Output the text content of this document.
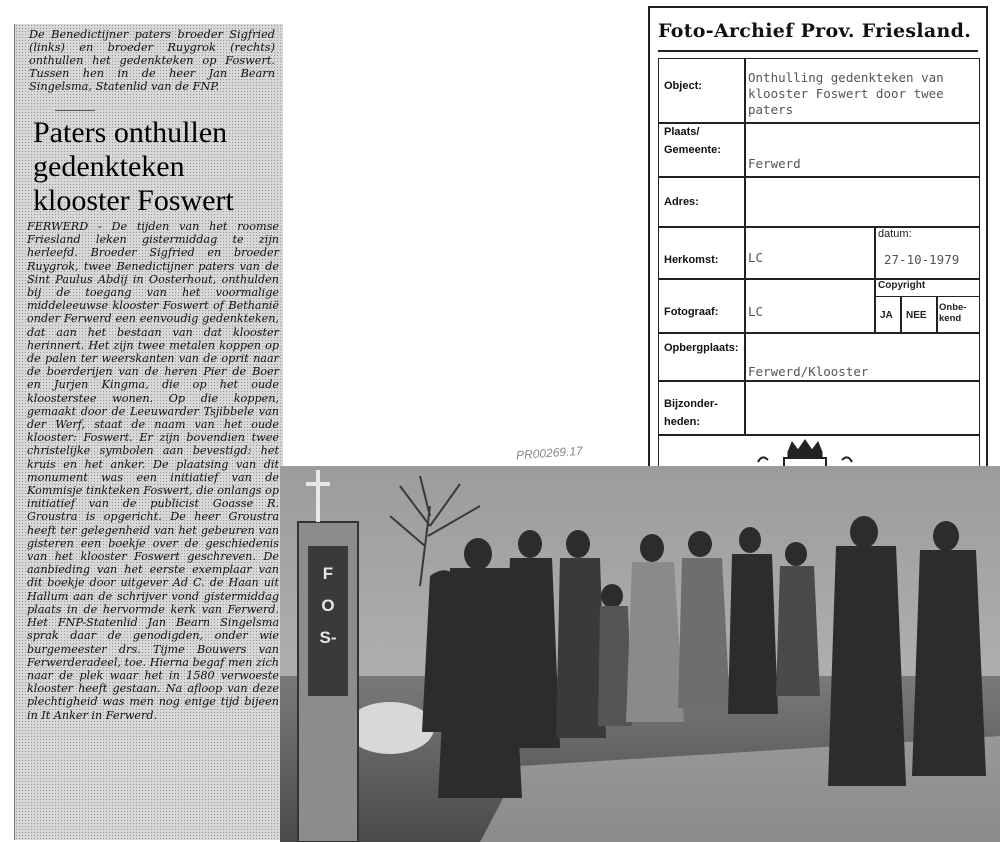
De Benedictijner paters broeder Sigfried (links) en broeder Ruygrok (rechts) onthullen het gedenkteken op Foswert. Tussen hen in de heer Jan Bearn Singelsma, Statenlid van de FNP.
Paters onthullen
gedenkteken
klooster Foswert
FERWERD - De tijden van het roomse Friesland leken gistermiddag te zijn herleefd. Broeder Sigfried en broeder Ruygrok, twee Benedictijner paters van de Sint Paulus Abdij in Oosterhout, onthulden bij de toegang van het voormalige middeleeuwse klooster Foswert of Bethanië onder Ferwerd een eenvoudig gedenkteken, dat aan het bestaan van dat klooster herinnert. Het zijn twee metalen koppen op de palen ter weerskanten van de oprit naar de boerderijen van de heren Pier de Boer en Jurjen Kingma, die op het oude kloosterstee wonen. Op die koppen, gemaakt door de Leeuwarder Tsjibbele van der Werf, staat de naam van het oude klooster: Foswert. Er zijn bovendien twee christelijke symbolen aan bevestigd: het kruis en het anker. De plaatsing van dit monument was een initiatief van de Kommisje tinkteken Foswert, die onlangs op initiatief van de publicist Goasse R. Groustra is opgericht. De heer Groustra heeft ter gelegenheid van het gebeuren van gisteren een boekje over de geschiedenis van het klooster Foswert geschreven. De aanbieding van het eerste exemplaar van dit boekje door uitgever Ad C. de Haan uit Hallum aan de schrijver vond gistermiddag plaats in de hervormde kerk van Ferwerd. Het FNP-Statenlid Jan Bearn Singelsma sprak daar de genodigden, onder wie burgemeester drs. Tijme Bouwers van Ferwerderadeel, toe. Hierna begaf men zich naar de plek waar het in 1580 verwoeste klooster heeft gestaan. Na afloop van deze plechtigheid was men nog enige tijd bijeen in It Anker in Ferwerd.
Foto-Archief Prov. Friesland.
Object:
Onthulling gedenkteken van
klooster Foswert door twee
paters
Plaats/
Gemeente:
Ferwerd
Adres:
Herkomst: LC
datum:
27-10-1979
Fotograaf: LC
Copyright
JA NEE
Onbe-
kend
Opbergplaats:
Ferwerd/Klooster
Bijzonder-
heden:
PR00269.17
FOS-
